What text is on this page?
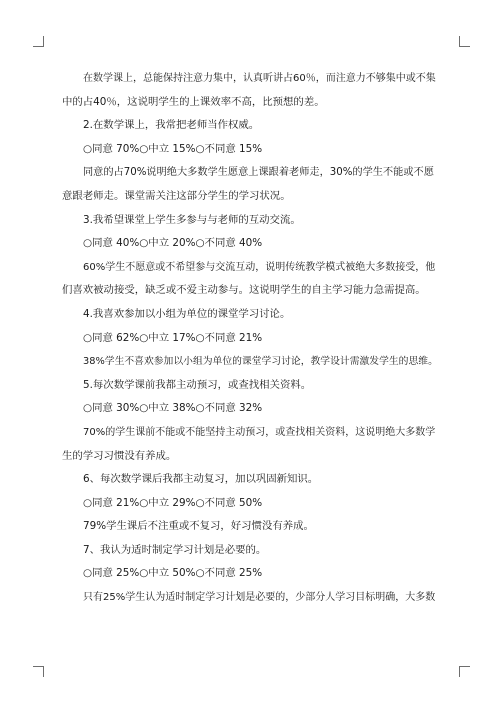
在数学课上，总能保持注意力集中，认真听讲占60％，而注意力不够集中或不集

中的占40％，这说明学生的上课效率不高，比预想的差。

2.在数学课上，我常把老师当作权威。

○同意 70%○中立 15%○不同意 15%

同意的占70%说明绝大多数学生愿意上课跟着老师走，30%的学生不能或不愿

意跟老师走。课堂需关注这部分学生的学习状况。

3.我希望课堂上学生多参与与老师的互动交流。

○同意 40%○中立 20%○不同意 40%

60%学生不愿意或不希望参与交流互动，说明传统教学模式被绝大多数接受，他

们喜欢被动接受，缺乏或不爱主动参与。这说明学生的自主学习能力急需提高。

4.我喜欢参加以小组为单位的课堂学习讨论。

○同意 62%○中立 17%○不同意 21%

38%学生不喜欢参加以小组为单位的课堂学习讨论，教学设计需激发学生的思维。

5.每次数学课前我都主动预习，或查找相关资料。

○同意 30%○中立 38%○不同意 32%

70%的学生课前不能或不能坚持主动预习，或查找相关资料，这说明绝大多数学

生的学习习惯没有养成。

6、每次数学课后我都主动复习，加以巩固新知识。

○同意 21%○中立 29%○不同意 50%

79%学生课后不注重或不复习，好习惯没有养成。

7、我认为适时制定学习计划是必要的。

○同意 25%○中立 50%○不同意 25%

只有25%学生认为适时制定学习计划是必要的，少部分人学习目标明确，大多数
